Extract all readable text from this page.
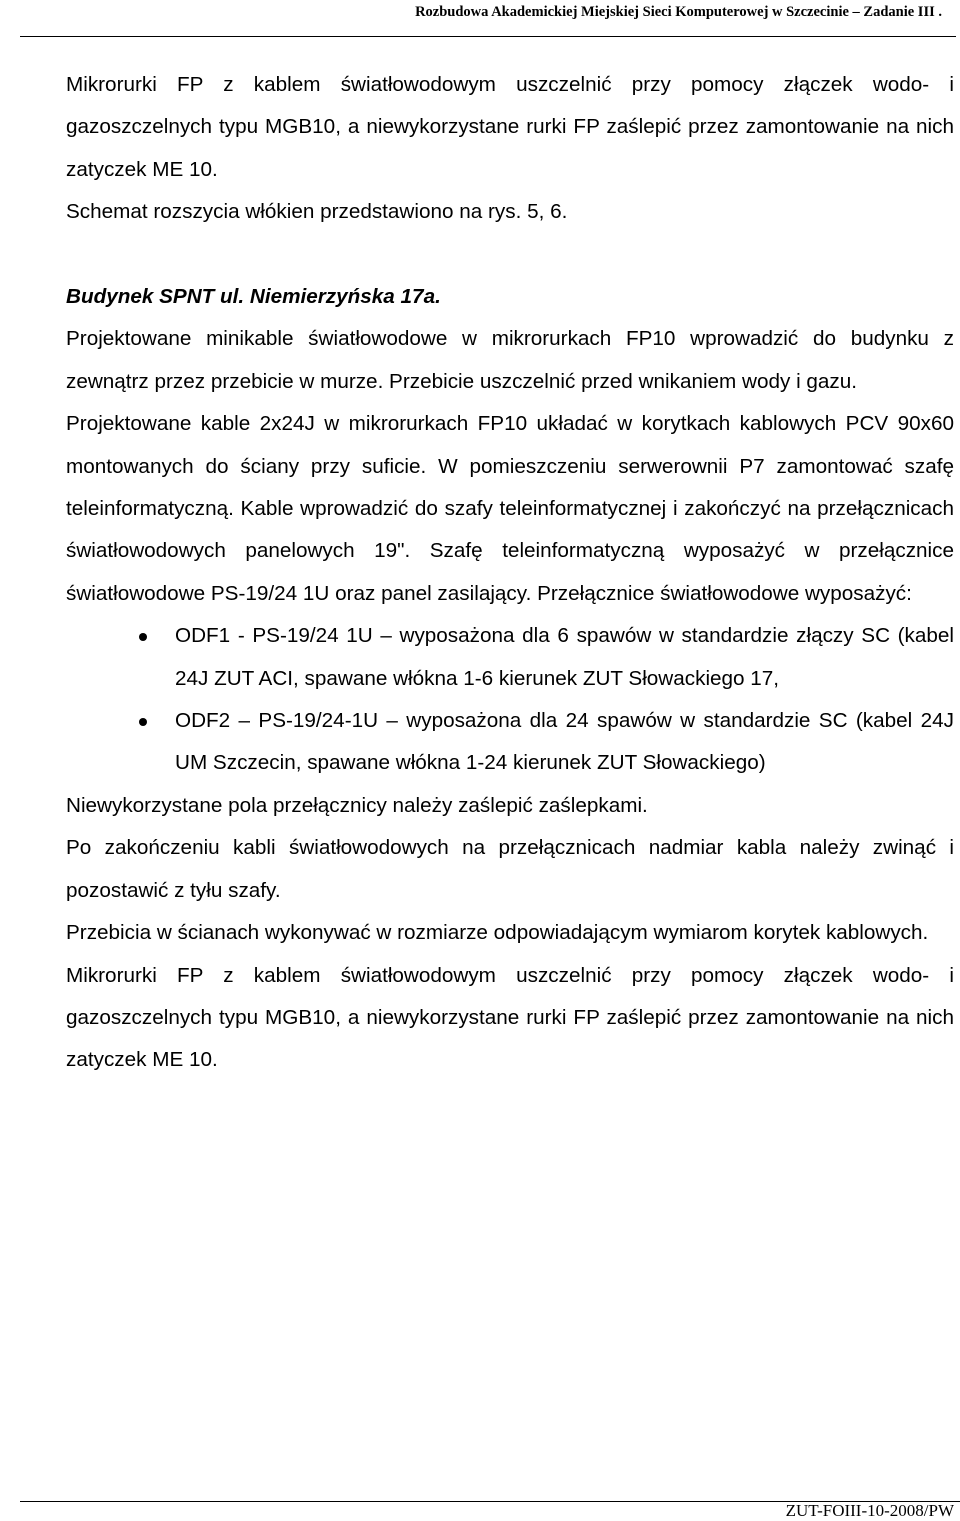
Rozbudowa Akademickiej Miejskiej Sieci Komputerowej w Szczecinie – Zadanie III .

Mikrorurki FP z kablem światłowodowym uszczelnić przy pomocy złączek wodo- i gazoszczelnych typu MGB10, a niewykorzystane rurki FP zaślepić przez zamontowanie na nich zatyczek ME 10.

Schemat rozszycia włókien przedstawiono na rys. 5, 6.

Budynek SPNT ul. Niemierzyńska 17a.

Projektowane minikable światłowodowe w mikrorurkach FP10 wprowadzić do budynku z zewnątrz przez przebicie w murze. Przebicie uszczelnić przed wnikaniem wody i gazu.

Projektowane kable 2x24J w mikrorurkach FP10 układać w korytkach kablowych PCV 90x60 montowanych do ściany przy suficie. W pomieszczeniu serwerownii P7 zamontować szafę teleinformatyczną. Kable wprowadzić do szafy teleinformatycznej i zakończyć na przełącznicach światłowodowych panelowych 19". Szafę teleinformatyczną wyposażyć w przełącznice światłowodowe PS-19/24 1U oraz panel zasilający. Przełącznice światłowodowe wyposażyć:

ODF1 - PS-19/24 1U – wyposażona dla 6 spawów w standardzie złączy SC (kabel 24J ZUT ACI, spawane włókna 1-6 kierunek ZUT Słowackiego 17,
ODF2 – PS-19/24-1U – wyposażona dla 24 spawów w standardzie SC (kabel 24J UM Szczecin, spawane włókna 1-24 kierunek ZUT Słowackiego)

Niewykorzystane pola przełącznicy należy zaślepić zaślepkami.

Po zakończeniu kabli światłowodowych na przełącznicach nadmiar kabla należy zwinąć i pozostawić z tyłu szafy.

Przebicia w ścianach wykonywać w rozmiarze odpowiadającym wymiarom korytek kablowych.

Mikrorurki FP z kablem światłowodowym uszczelnić przy pomocy złączek wodo- i gazoszczelnych typu MGB10, a niewykorzystane rurki FP zaślepić przez zamontowanie na nich zatyczek ME 10.

ZUT-FOIII-10-2008/PW
